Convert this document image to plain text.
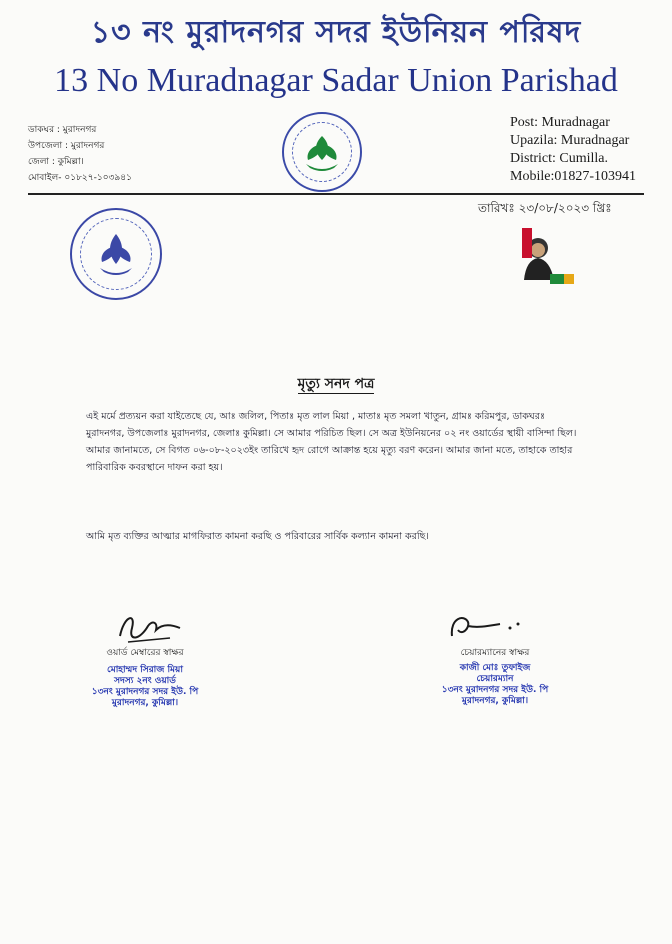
১৩ নং মুরাদনগর সদর ইউনিয়ন পরিষদ
13 No Muradnagar Sadar Union Parishad
ডাকঘর : মুরাদনগর
উপজেলা : মুরাদনগর
জেলা : কুমিল্লা।
মোবাইল- ০১৮২৭-১০৩৯৪১
Post: Muradnagar
Upazila: Muradnagar
District: Cumilla.
Mobile:01827-103941
তারিখঃ ২৩/০৮/২০২৩ খ্রিঃ
মৃত্যু সনদ পত্র
এই মর্মে প্রত্যয়ন করা যাইতেছে যে, আঃ জলিল, পিতাঃ মৃত লাল মিয়া , মাতাঃ মৃত সমলা খাতুন, গ্রামঃ করিমপুর, ডাকঘরঃ মুরাদনগর, উপজেলাঃ মুরাদনগর, জেলাঃ কুমিল্লা। সে আমার পরিচিত ছিল। সে অত্র ইউনিয়নের ০২ নং ওয়ার্ডের স্থায়ী বাসিন্দা ছিল। আমার জানামতে, সে বিগত ০৬-০৮-২০২৩ইং তারিখে হৃদ রোগে আক্রান্ত হয়ে মৃত্যু বরণ করেন। আমার জানা মতে, তাহাকে তাহার পারিবারিক কবরস্থানে দাফন করা হয়।
আমি মৃত ব্যক্তির আত্মার মাগফিরাত কামনা করছি ও পরিবারের সার্বিক কল্যান কামনা করছি।
ওয়ার্ড মেম্বারের স্বাক্ষর
মোহাম্মদ সিরাজ মিয়া
সদস্য ২নং ওয়ার্ড
১৩নং মুরাদনগর সদর ইউ. পি
মুরাদনগর, কুমিল্লা।
চেয়ারম্যানের স্বাক্ষর
কাজী মোঃ তুফাইজ
চেয়ারম্যান
১৩নং মুরাদনগর সদর ইউ. পি
মুরাদনগর, কুমিল্লা।
